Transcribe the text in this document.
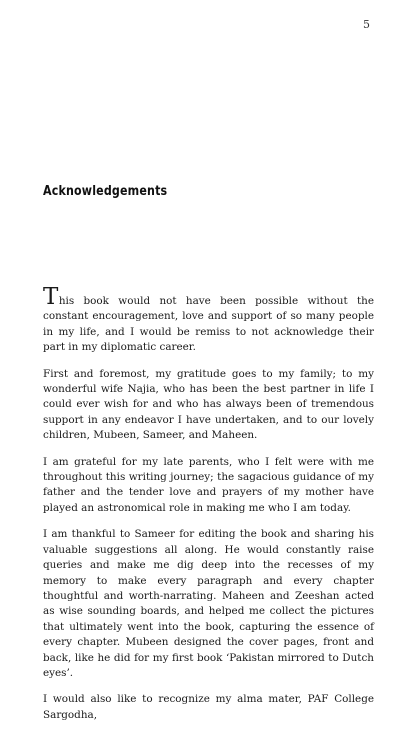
5
Acknowledgements

This book would not have been possible without the constant encouragement, love and support of so many people in my life, and I would be remiss to not acknowledge their part in my diplomatic career.

First and foremost, my gratitude goes to my family; to my wonderful wife Najia, who has been the best partner in life I could ever wish for and who has always been of tremendous support in any endeavor I have undertaken, and to our lovely children, Mubeen, Sameer, and Maheen.

I am grateful for my late parents, who I felt were with me throughout this writing journey; the sagacious guidance of my father and the tender love and prayers of my mother have played an astronomical role in making me who I am today.

I am thankful to Sameer for editing the book and sharing his valuable suggestions all along. He would constantly raise queries and make me dig deep into the recesses of my memory to make every paragraph and every chapter thoughtful and worth-narrating. Maheen and Zeeshan acted as wise sounding boards, and helped me collect the pictures that ultimately went into the book, capturing the essence of every chapter. Mubeen designed the cover pages, front and back, like he did for my first book ‘Pakistan mirrored to Dutch eyes’.

I would also like to recognize my alma mater, PAF College Sargodha,
